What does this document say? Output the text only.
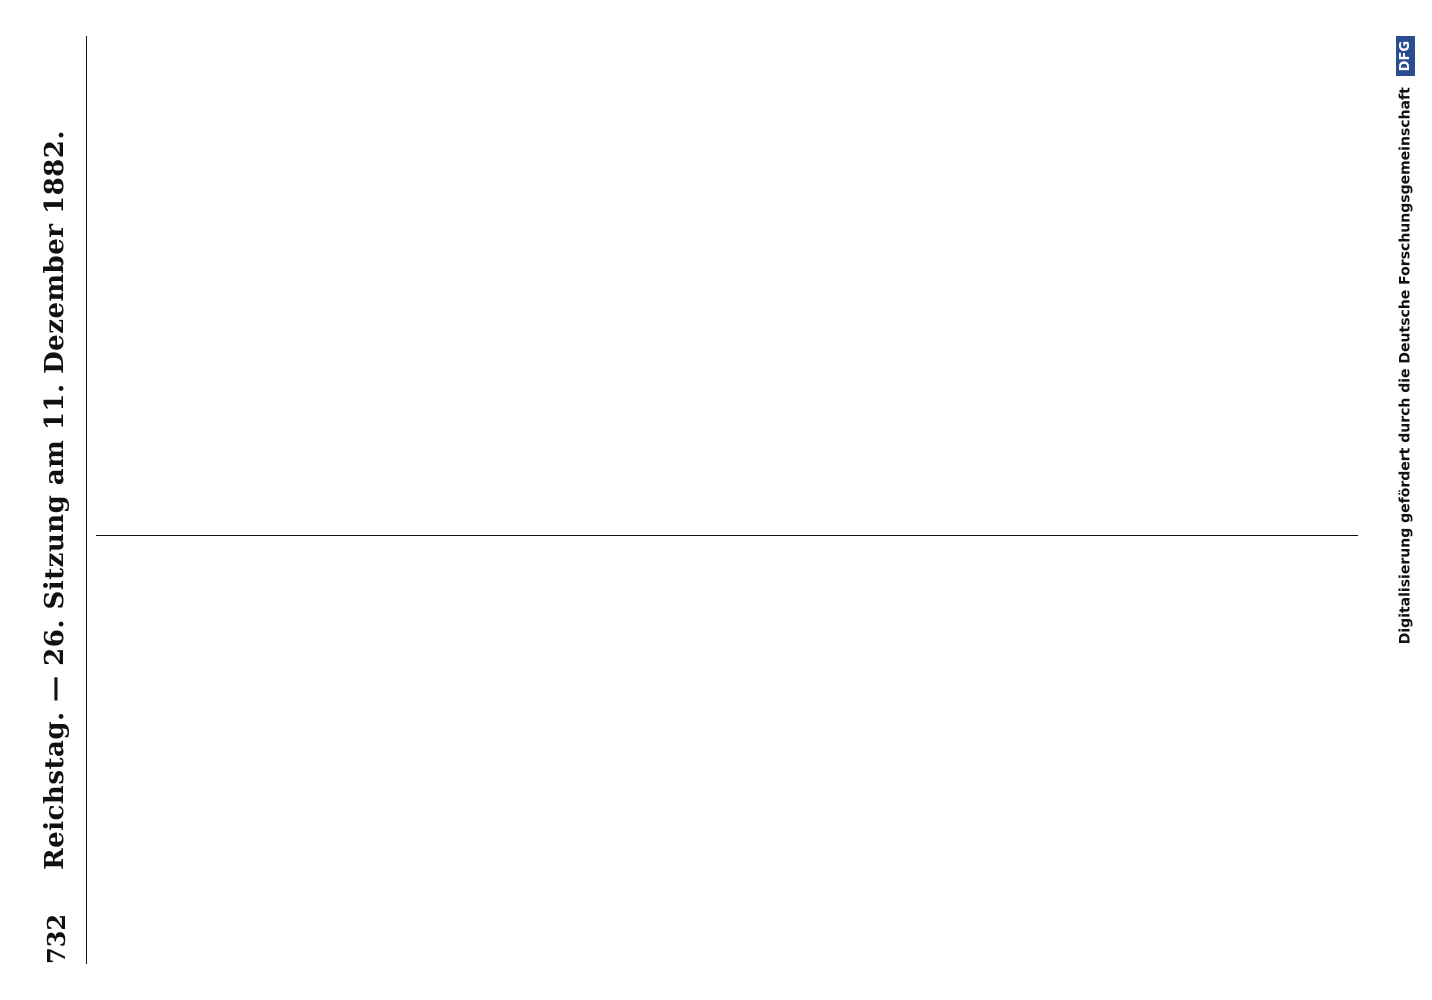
732
Reichstag. — 26. Sitzung am 11. Dezember 1882.	Digitalisierung gefördert durch die Deutsche Forschungsgemeinschaft DFG
